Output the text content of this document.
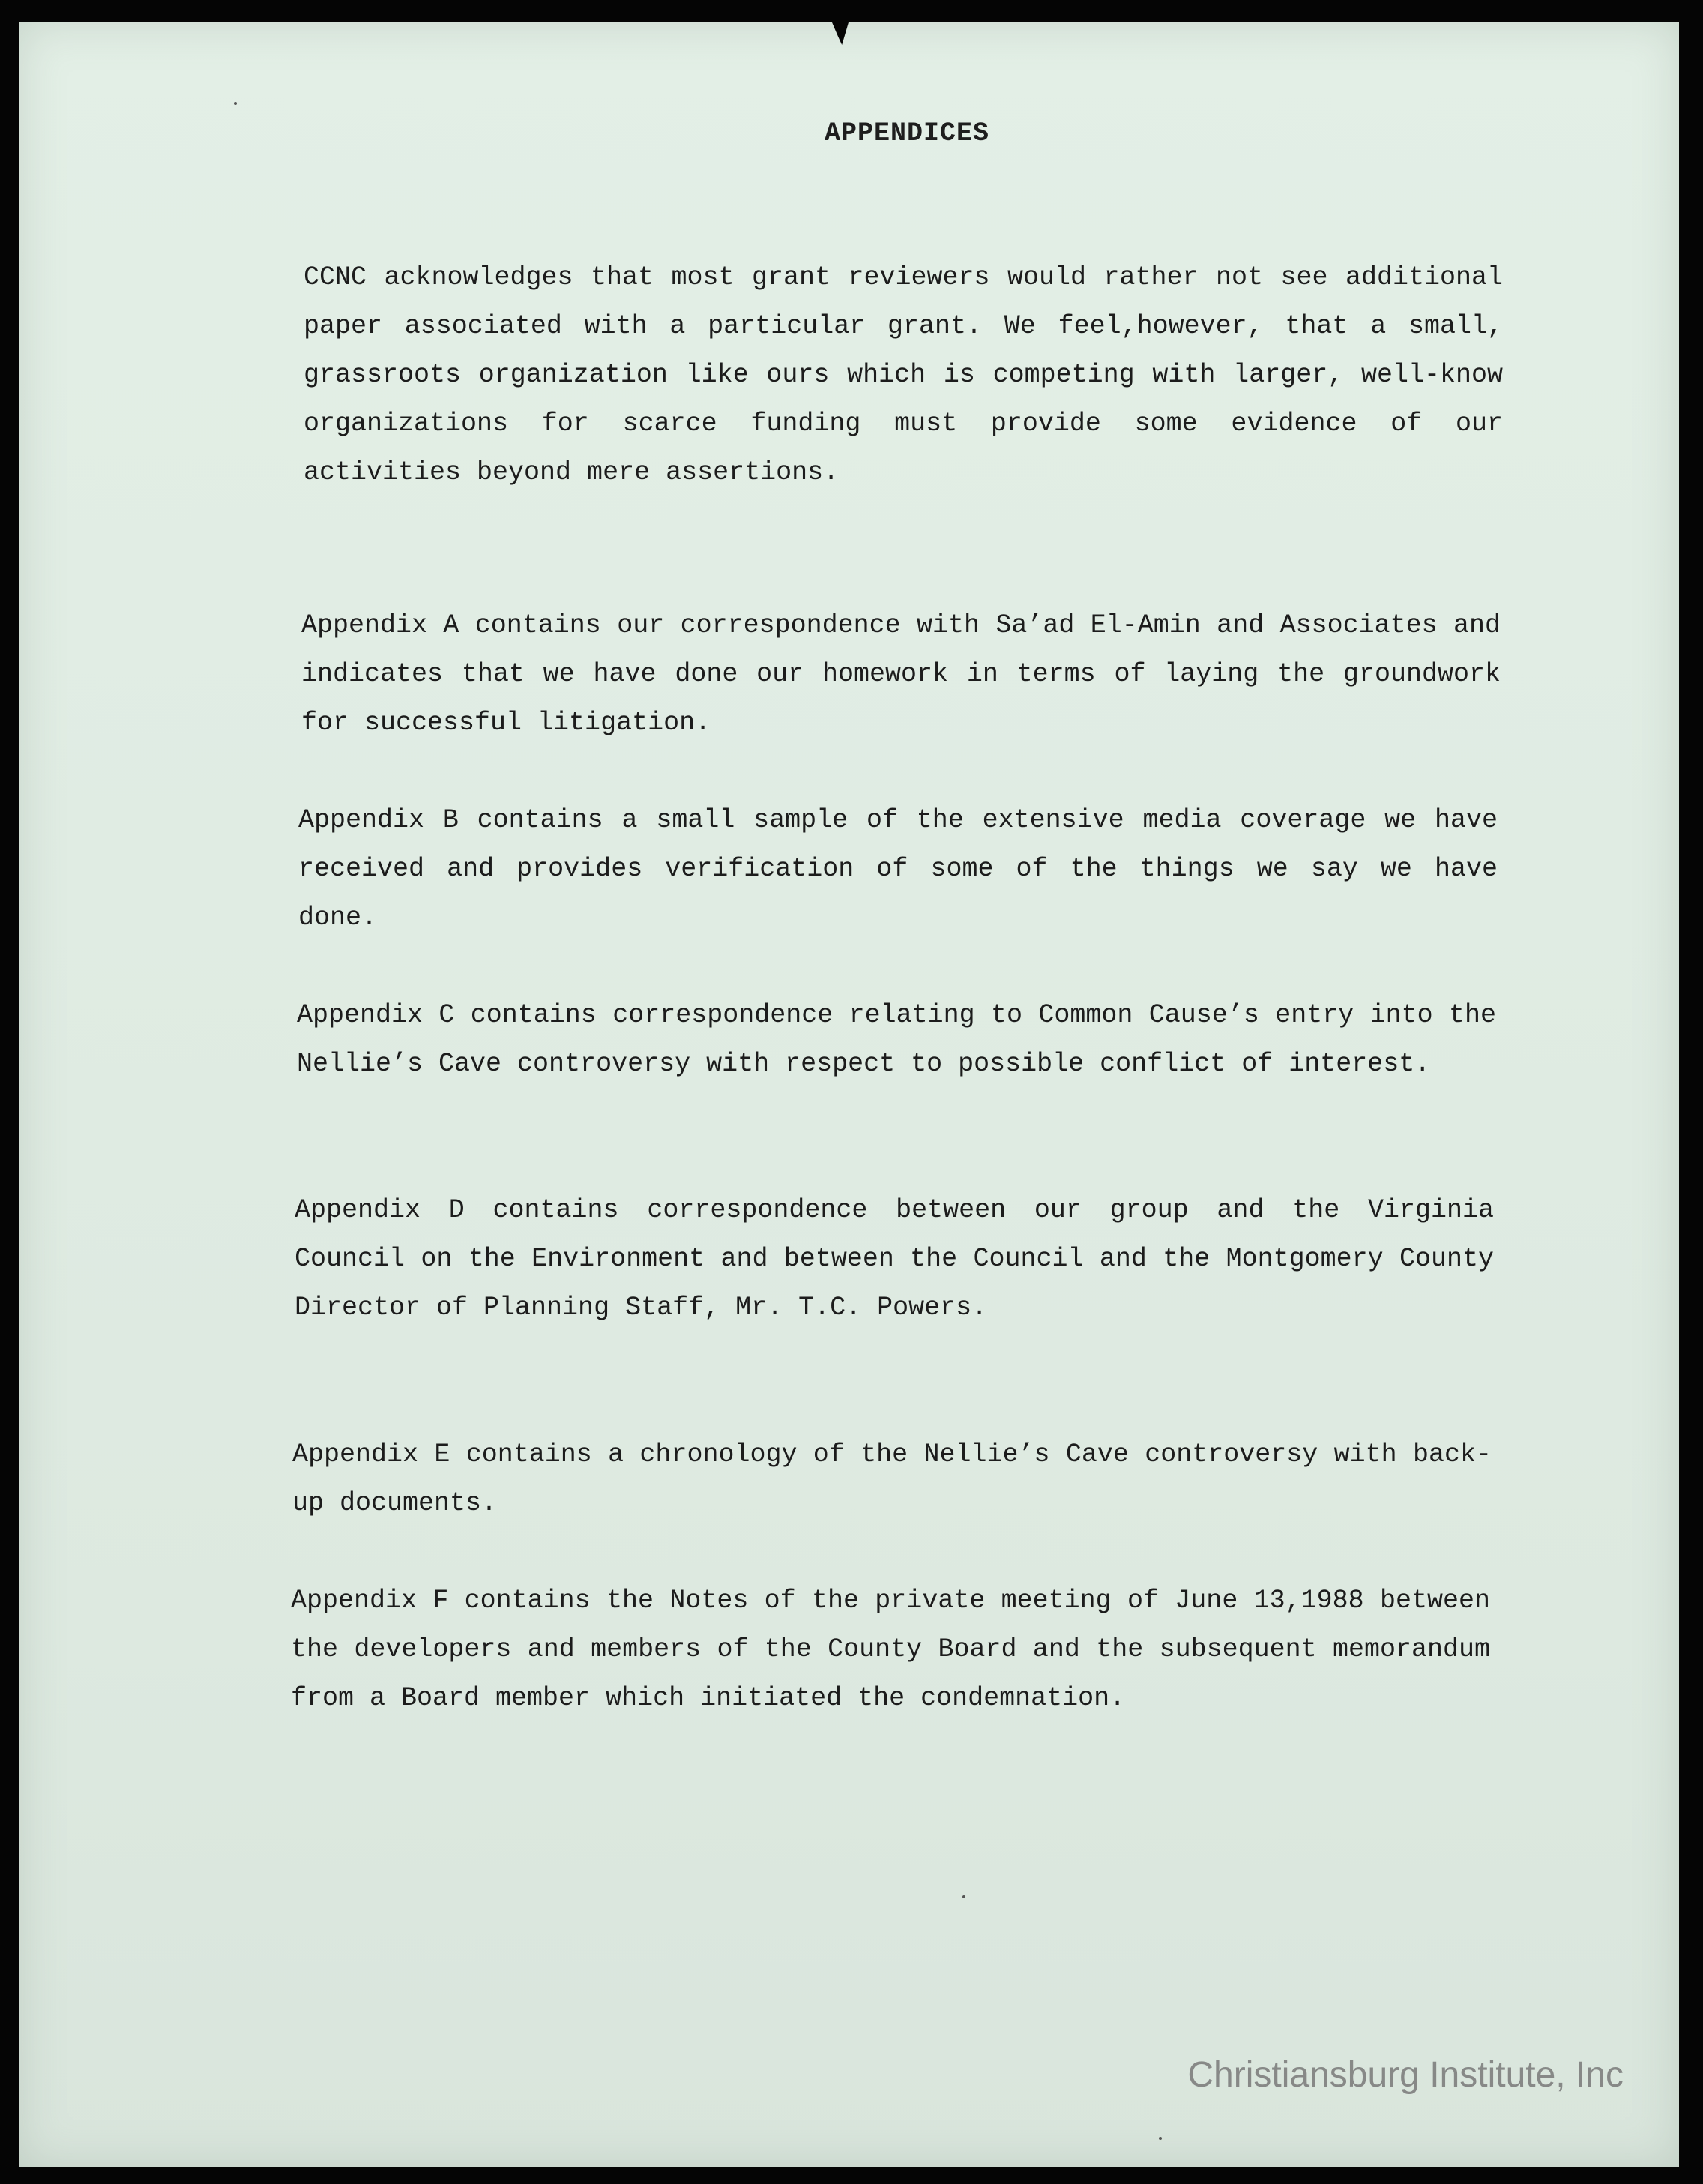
APPENDICES

CCNC acknowledges that most grant reviewers would rather not see additional paper associated with a particular grant. We feel,however, that a small, grassroots organization like ours which is competing with larger, well-know organizations for scarce funding must provide some evidence of our activities beyond mere assertions.

Appendix A contains our correspondence with Sa’ad El-Amin and Associates and indicates that we have done our homework in terms of laying the groundwork for successful litigation.

Appendix B contains a small sample of the extensive media coverage we have received and provides verification of some of the things we say we have done.

Appendix C contains correspondence relating to Common Cause’s entry into the Nellie’s Cave controversy with respect to possible conflict of interest.

Appendix D contains correspondence between our group and the Virginia Council on the Environment and between the Council and the Montgomery County Director of Planning Staff, Mr. T.C. Powers.

Appendix E contains a chronology of the Nellie’s Cave controversy with back-up documents.

Appendix F contains the Notes of the private meeting of June 13,1988 between the developers and members of the County Board and the subsequent memorandum from a Board member which initiated the condemnation.

Christiansburg Institute, Inc
